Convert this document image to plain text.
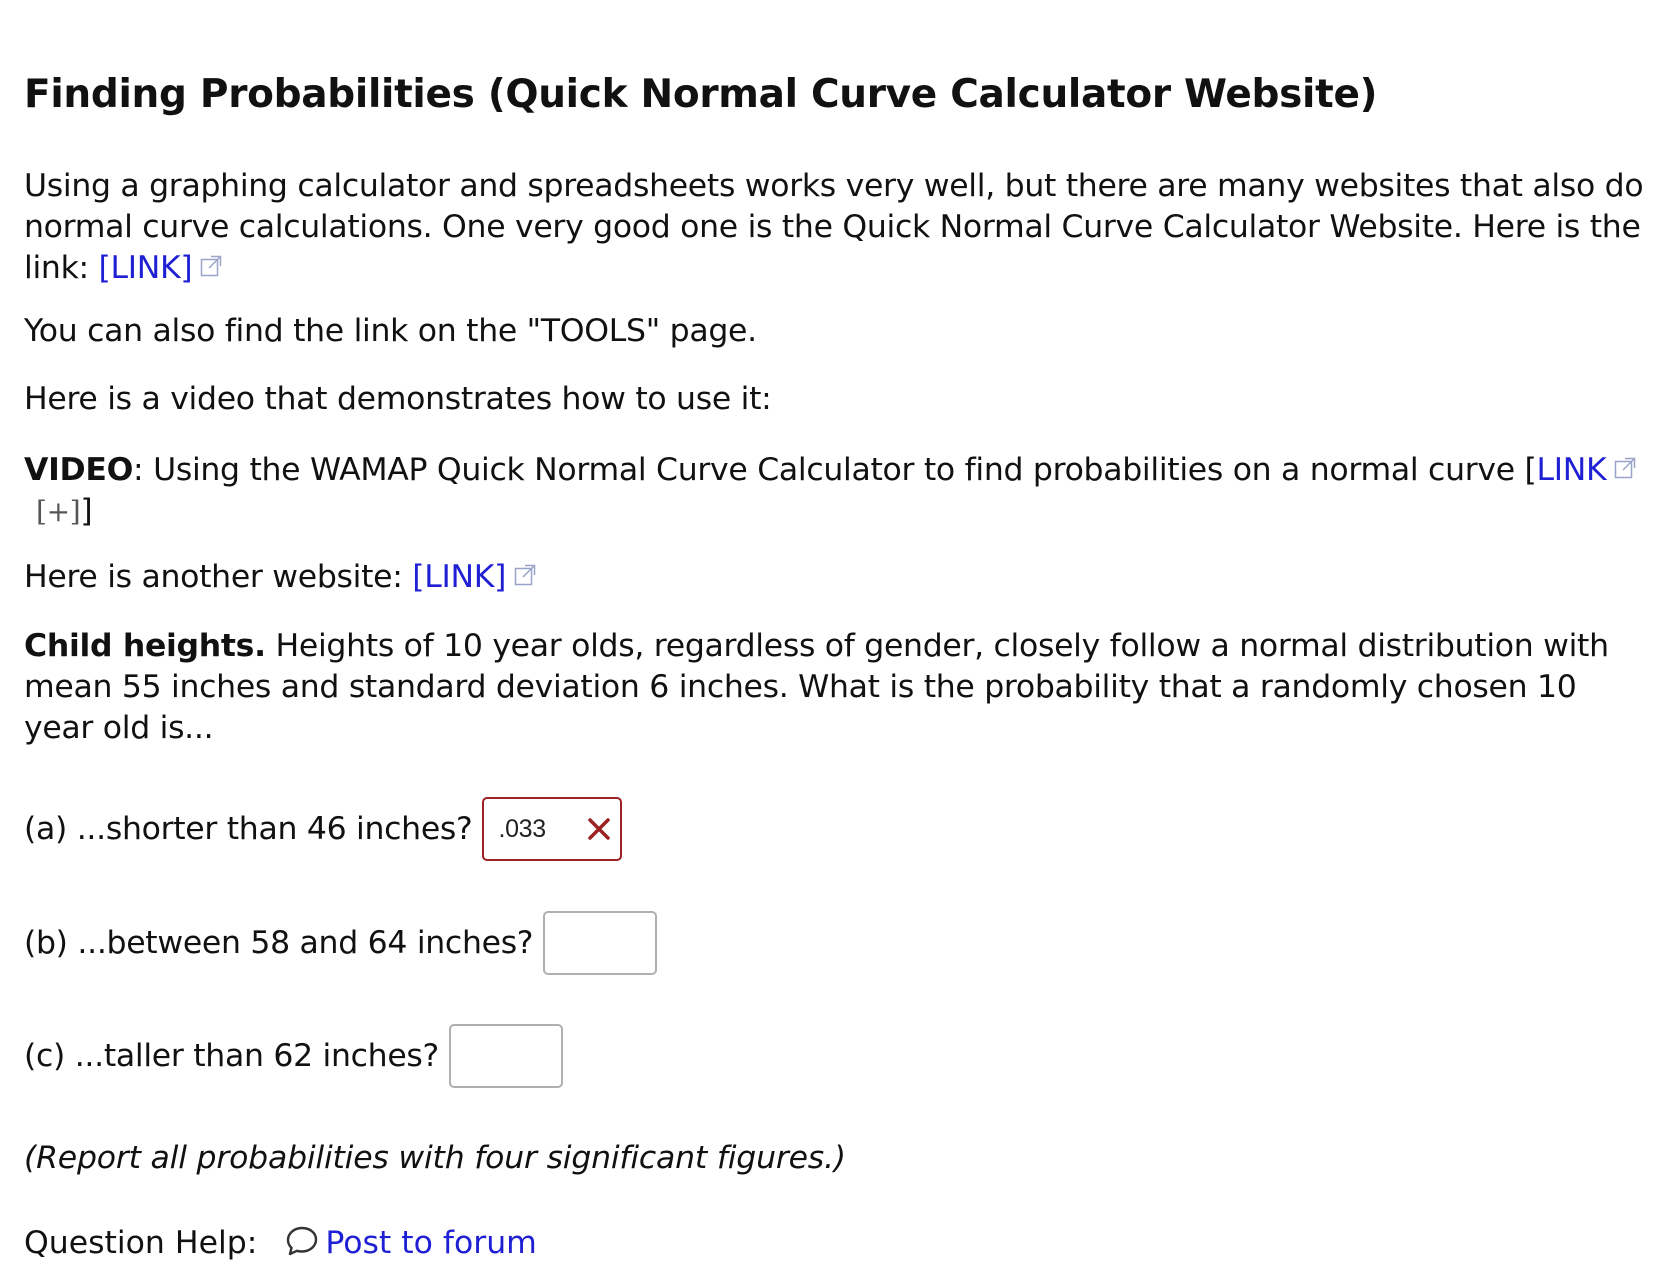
Finding Probabilities (Quick Normal Curve Calculator Website)

Using a graphing calculator and spreadsheets works very well, but there are many websites that also do normal curve calculations. One very good one is the Quick Normal Curve Calculator Website. Here is the link: [LINK]

You can also find the link on the "TOOLS" page.

Here is a video that demonstrates how to use it:

VIDEO: Using the WAMAP Quick Normal Curve Calculator to find probabilities on a normal curve [LINK

[+]]

Here is another website: [LINK]

Child heights. Heights of 10 year olds, regardless of gender, closely follow a normal distribution with mean 55 inches and standard deviation 6 inches. What is the probability that a randomly chosen 10 year old is...

(a) ...shorter than 46 inches? .033
(b) ...between 58 and 64 inches?
(c) ...taller than 62 inches?

(Report all probabilities with four significant figures.)

Question Help: Post to forum
